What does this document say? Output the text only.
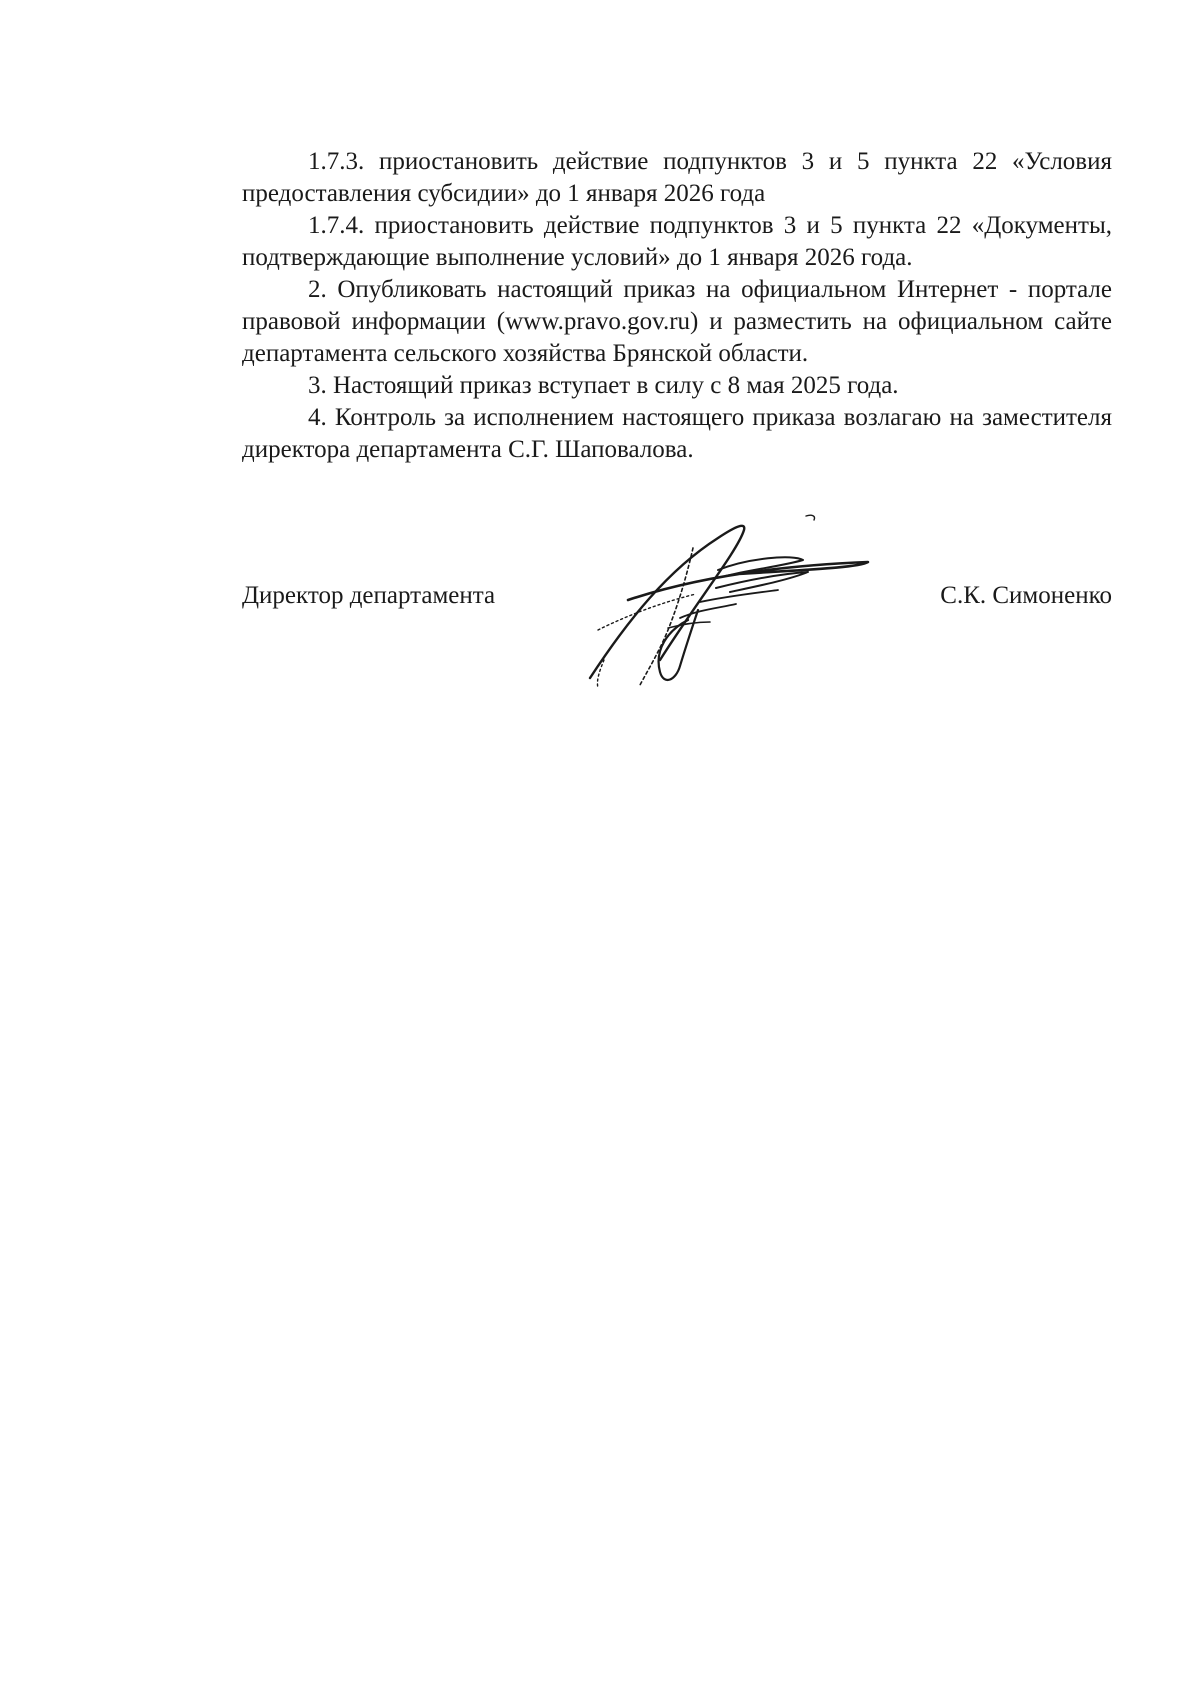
1.7.3. приостановить действие подпунктов 3 и 5 пункта 22 «Условия предоставления субсидии» до 1 января 2026 года

1.7.4. приостановить действие подпунктов 3 и 5 пункта 22 «Документы, подтверждающие выполнение условий» до 1 января 2026 года.

2. Опубликовать настоящий приказ на официальном Интернет - портале правовой информации (www.pravo.gov.ru) и разместить на официальном сайте департамента сельского хозяйства Брянской области.

3. Настоящий приказ вступает в силу с 8 мая 2025 года.

4. Контроль за исполнением настоящего приказа возлагаю на заместителя директора департамента С.Г. Шаповалова.

Директор департамента	С.К. Симоненко
